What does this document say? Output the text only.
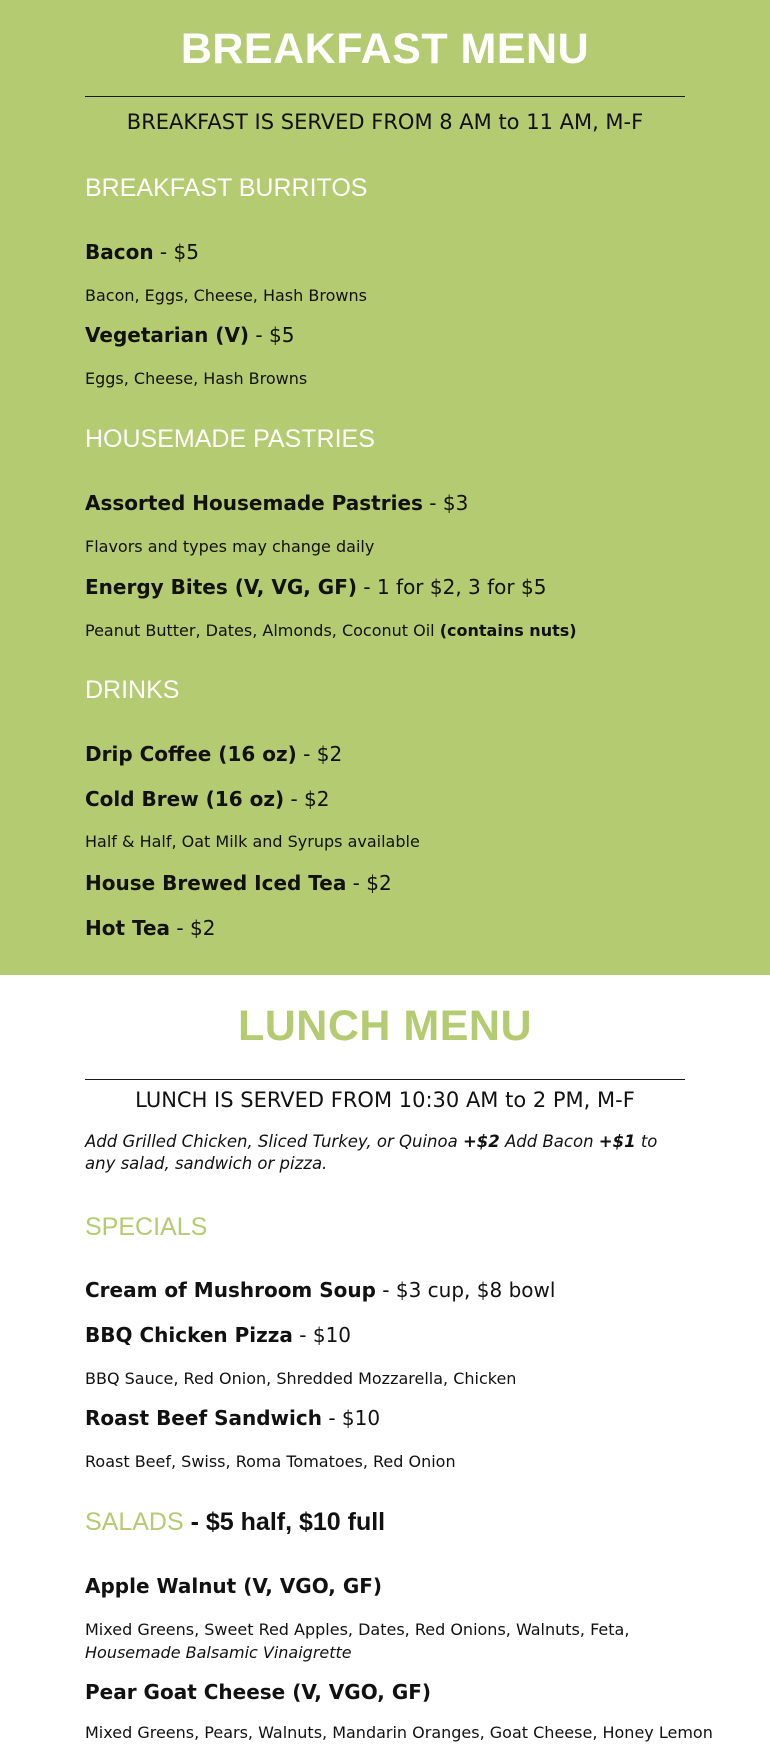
BREAKFAST MENU
BREAKFAST IS SERVED FROM 8 AM to 11 AM, M-F
BREAKFAST BURRITOS
Bacon - $5
Bacon, Eggs, Cheese, Hash Browns
Vegetarian (V) - $5
Eggs, Cheese, Hash Browns
HOUSEMADE PASTRIES
Assorted Housemade Pastries - $3
Flavors and types may change daily
Energy Bites (V, VG, GF) - 1 for $2, 3 for $5
Peanut Butter, Dates, Almonds, Coconut Oil (contains nuts)
DRINKS
Drip Coffee (16 oz) - $2
Cold Brew (16 oz) - $2
Half & Half, Oat Milk and Syrups available
House Brewed Iced Tea - $2
Hot Tea - $2
LUNCH MENU
LUNCH IS SERVED FROM 10:30 AM to 2 PM, M-F
Add Grilled Chicken, Sliced Turkey, or Quinoa +$2 Add Bacon +$1 to any salad, sandwich or pizza.
SPECIALS
Cream of Mushroom Soup - $3 cup, $8 bowl
BBQ Chicken Pizza - $10
BBQ Sauce, Red Onion, Shredded Mozzarella, Chicken
Roast Beef Sandwich - $10
Roast Beef, Swiss, Roma Tomatoes, Red Onion
SALADS - $5 half, $10 full
Apple Walnut (V, VGO, GF)
Mixed Greens, Sweet Red Apples, Dates, Red Onions, Walnuts, Feta,
Housemade Balsamic Vinaigrette
Pear Goat Cheese (V, VGO, GF)
Mixed Greens, Pears, Walnuts, Mandarin Oranges, Goat Cheese, Honey Lemon
